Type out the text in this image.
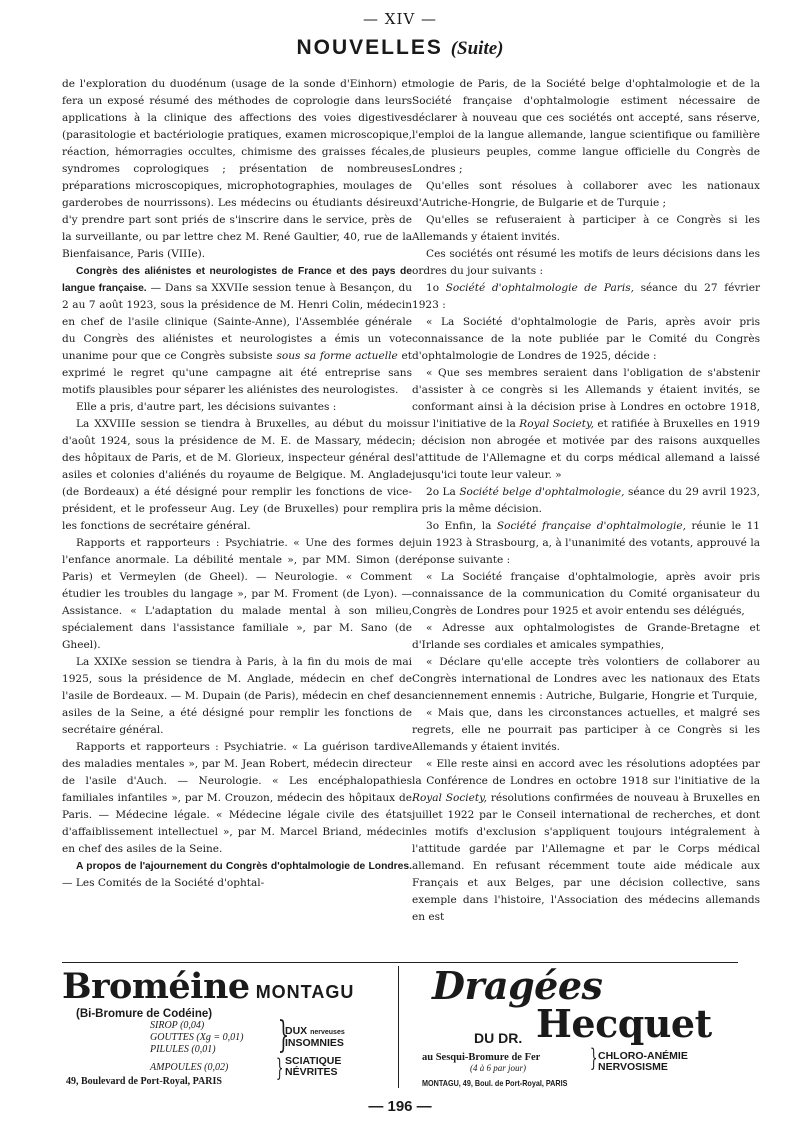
— XIV —
NOUVELLES (Suite)

de l'exploration du duodénum (usage de la sonde d'Einhorn) et fera un exposé résumé des méthodes de coprologie dans leurs applications à la clinique des affections des voies digestives (parasitologie et bactériologie pratiques, examen microscopique, réaction, hémorragies occultes, chimisme des graisses fécales, syndromes coprologiques ; présentation de nombreuses préparations microscopiques, microphotographies, moulages de garderobes de nourrissons). Les médecins ou étudiants désireux d'y prendre part sont priés de s'inscrire dans le service, près de la surveillante, ou par lettre chez M. René Gaultier, 40, rue de la Bienfaisance, Paris (VIIIe).

Congrès des aliénistes et neurologistes de France et des pays de langue française. — Dans sa XXVIIe session tenue à Besançon, du 2 au 7 août 1923, sous la présidence de M. Henri Colin, médecin en chef de l'asile clinique (Sainte-Anne), l'Assemblée générale du Congrès des aliénistes et neurologistes a émis un vote unanime pour que ce Congrès subsiste sous sa forme actuelle et exprimé le regret qu'une campagne ait été entreprise sans motifs plausibles pour séparer les aliénistes des neurologistes.

Elle a pris, d'autre part, les décisions suivantes :

La XXVIIIe session se tiendra à Bruxelles, au début du mois d'août 1924, sous la présidence de M. E. de Massary, médecin des hôpitaux de Paris, et de M. Glorieux, inspecteur général des asiles et colonies d'aliénés du royaume de Belgique. M. Anglade (de Bordeaux) a été désigné pour remplir les fonctions de vice-président, et le professeur Aug. Ley (de Bruxelles) pour remplir les fonctions de secrétaire général.

Rapports et rapporteurs : Psychiatrie. « Une des formes de l'enfance anormale. La débilité mentale », par MM. Simon (de Paris) et Vermeylen (de Gheel). — Neurologie. « Comment étudier les troubles du langage », par M. Froment (de Lyon). — Assistance. « L'adaptation du malade mental à son milieu, spécialement dans l'assistance familiale », par M. Sano (de Gheel).

La XXIXe session se tiendra à Paris, à la fin du mois de mai 1925, sous la présidence de M. Anglade, médecin en chef de l'asile de Bordeaux. — M. Dupain (de Paris), médecin en chef des asiles de la Seine, a été désigné pour remplir les fonctions de secrétaire général.

Rapports et rapporteurs : Psychiatrie. « La guérison tardive des maladies mentales », par M. Jean Robert, médecin directeur de l'asile d'Auch. — Neurologie. « Les encéphalopathies familiales infantiles », par M. Crouzon, médecin des hôpitaux de Paris. — Médecine légale. « Médecine légale civile des états d'affaiblissement intellectuel », par M. Marcel Briand, médecin en chef des asiles de la Seine.

A propos de l'ajournement du Congrès d'ophtalmologie de Londres. — Les Comités de la Société d'ophtal-

mologie de Paris, de la Société belge d'ophtalmologie et de la Société française d'ophtalmologie estiment nécessaire de déclarer à nouveau que ces sociétés ont accepté, sans réserve, l'emploi de la langue allemande, langue scientifique ou familière de plusieurs peuples, comme langue officielle du Congrès de Londres ;

Qu'elles sont résolues à collaborer avec les nationaux d'Autriche-Hongrie, de Bulgarie et de Turquie ;

Qu'elles se refuseraient à participer à ce Congrès si les Allemands y étaient invités.

Ces sociétés ont résumé les motifs de leurs décisions dans les ordres du jour suivants :

1o Société d'ophtalmologie de Paris, séance du 27 février 1923 :

« La Société d'ophtalmologie de Paris, après avoir pris connaissance de la note publiée par le Comité du Congrès d'ophtalmologie de Londres de 1925, décide :

« Que ses membres seraient dans l'obligation de s'abstenir d'assister à ce congrès si les Allemands y étaient invités, se conformant ainsi à la décision prise à Londres en octobre 1918, sur l'initiative de la Royal Society, et ratifiée à Bruxelles en 1919 ; décision non abrogée et motivée par des raisons auxquelles l'attitude de l'Allemagne et du corps médical allemand a laissé jusqu'ici toute leur valeur. »

2o La Société belge d'ophtalmologie, séance du 29 avril 1923, a pris la même décision.

3o Enfin, la Société française d'ophtalmologie, réunie le 11 juin 1923 à Strasbourg, a, à l'unanimité des votants, approuvé la réponse suivante :

« La Société française d'ophtalmologie, après avoir pris connaissance de la communication du Comité organisateur du Congrès de Londres pour 1925 et avoir entendu ses délégués,

« Adresse aux ophtalmologistes de Grande-Bretagne et d'Irlande ses cordiales et amicales sympathies,

« Déclare qu'elle accepte très volontiers de collaborer au Congrès international de Londres avec les nationaux des Etats anciennement ennemis : Autriche, Bulgarie, Hongrie et Turquie,

« Mais que, dans les circonstances actuelles, et malgré ses regrets, elle ne pourrait pas participer à ce Congrès si les Allemands y étaient invités.

« Elle reste ainsi en accord avec les résolutions adoptées par la Conférence de Londres en octobre 1918 sur l'initiative de la Royal Society, résolutions confirmées de nouveau à Bruxelles en juillet 1922 par le Conseil international de recherches, et dont les motifs d'exclusion s'appliquent toujours intégralement à l'attitude gardée par l'Allemagne et par le Corps médical allemand. En refusant récemment toute aide médicale aux Français et aux Belges, par une décision collective, sans exemple dans l'histoire, l'Association des médecins allemands en est

Broméine MONTAGU
(Bi-Bromure de Codéine)
SIROP (0,04)
GOUTTES (Xg = 0,01)
PILULES (0,01)
AMPOULES (0,02)
}
}
DUX nerveuses
INSOMNIES
SCIATIQUE
NÉVRITES
49, Boulevard de Port-Royal, PARIS
Dragées
DU DR. Hecquet
au Sesqui-Bromure de Fer
(4 à 6 par jour)	} CHLORO-ANÉMIE
NERVOSISME
MONTAGU, 49, Boul. de Port-Royal, PARIS
— 196 —
